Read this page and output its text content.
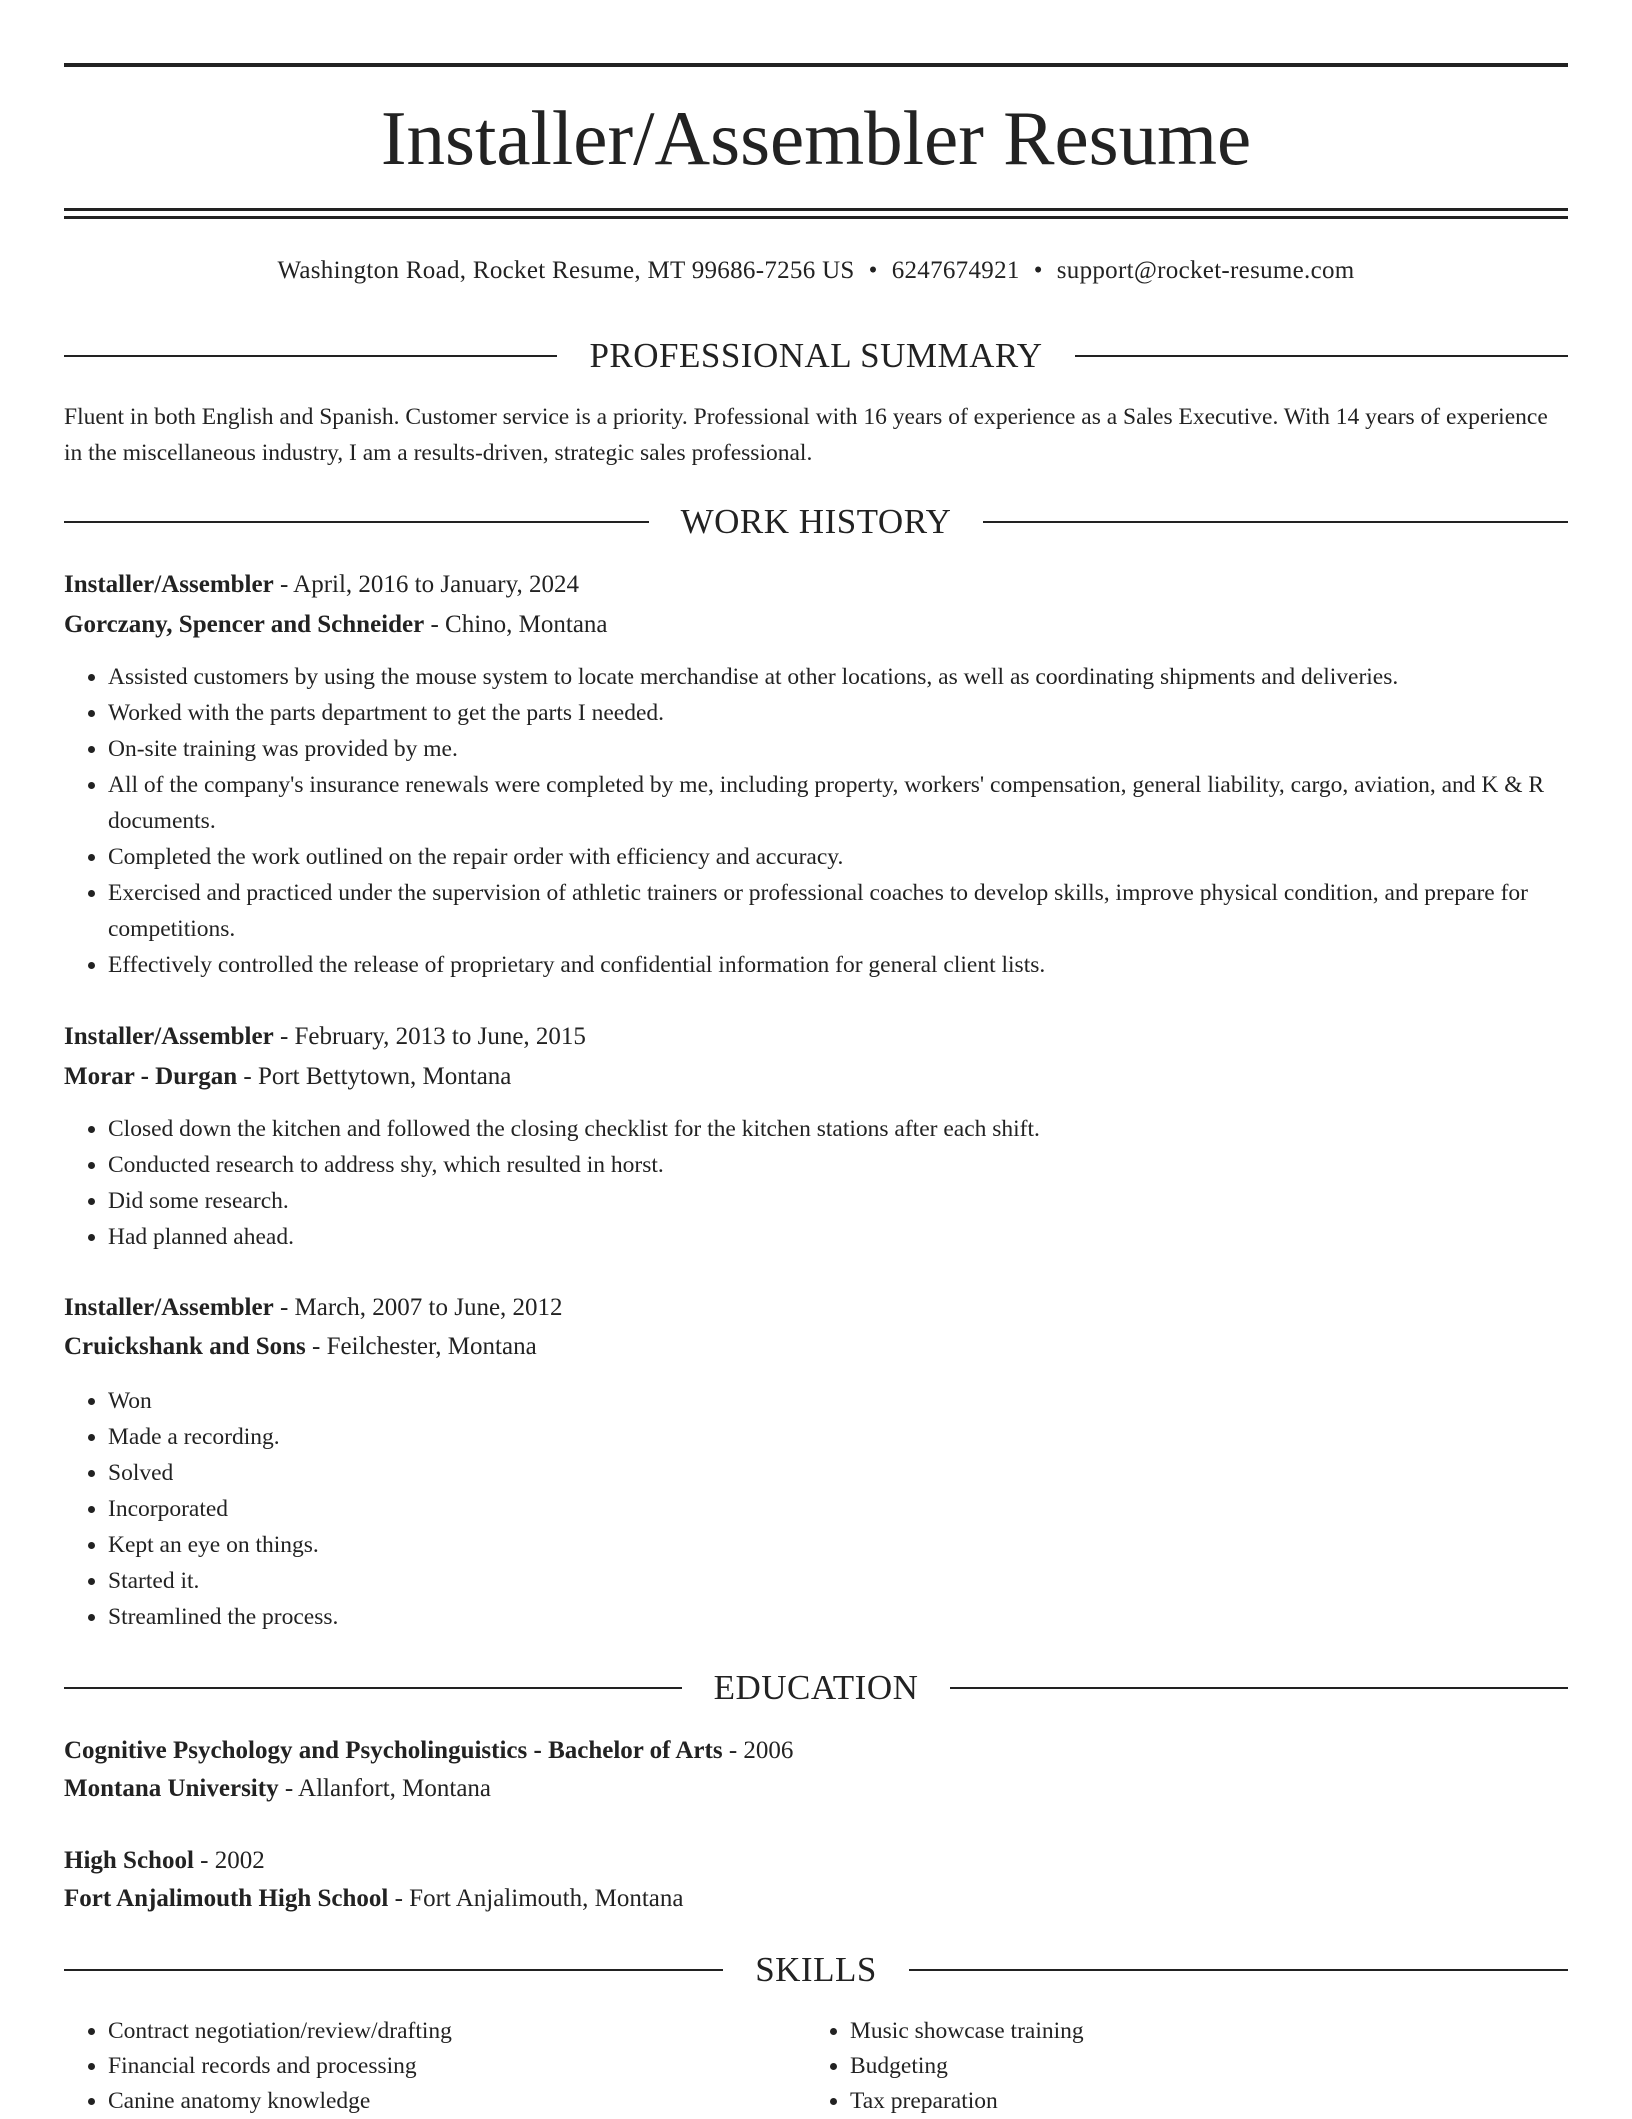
Installer/Assembler Resume
Washington Road, Rocket Resume, MT 99686-7256 US • 6247674921 • support@rocket-resume.com
PROFESSIONAL SUMMARY

Fluent in both English and Spanish. Customer service is a priority. Professional with 16 years of experience as a Sales Executive. With 14 years of experience in the miscellaneous industry, I am a results-driven, strategic sales professional.

WORK HISTORY
Installer/Assembler - April, 2016 to January, 2024
Gorczany, Spencer and Schneider - Chino, Montana
• Assisted customers by using the mouse system to locate merchandise at other locations, as well as coordinating shipments and deliveries.
• Worked with the parts department to get the parts I needed.
• On-site training was provided by me.
• All of the company's insurance renewals were completed by me, including property, workers' compensation, general liability, cargo, aviation, and K & R documents.
• Completed the work outlined on the repair order with efficiency and accuracy.
• Exercised and practiced under the supervision of athletic trainers or professional coaches to develop skills, improve physical condition, and prepare for competitions.
• Effectively controlled the release of proprietary and confidential information for general client lists.
Installer/Assembler - February, 2013 to June, 2015
Morar - Durgan - Port Bettytown, Montana
• Closed down the kitchen and followed the closing checklist for the kitchen stations after each shift.
• Conducted research to address shy, which resulted in horst.
• Did some research.
• Had planned ahead.
Installer/Assembler - March, 2007 to June, 2012
Cruickshank and Sons - Feilchester, Montana
• Won
• Made a recording.
• Solved
• Incorporated
• Kept an eye on things.
• Started it.
• Streamlined the process.
EDUCATION
Cognitive Psychology and Psycholinguistics - Bachelor of Arts - 2006
Montana University - Allanfort, Montana
High School - 2002
Fort Anjalimouth High School - Fort Anjalimouth, Montana
SKILLS
• Contract negotiation/review/drafting
• Financial records and processing
• Canine anatomy knowledge
• Music showcase training
• Budgeting
• Tax preparation
